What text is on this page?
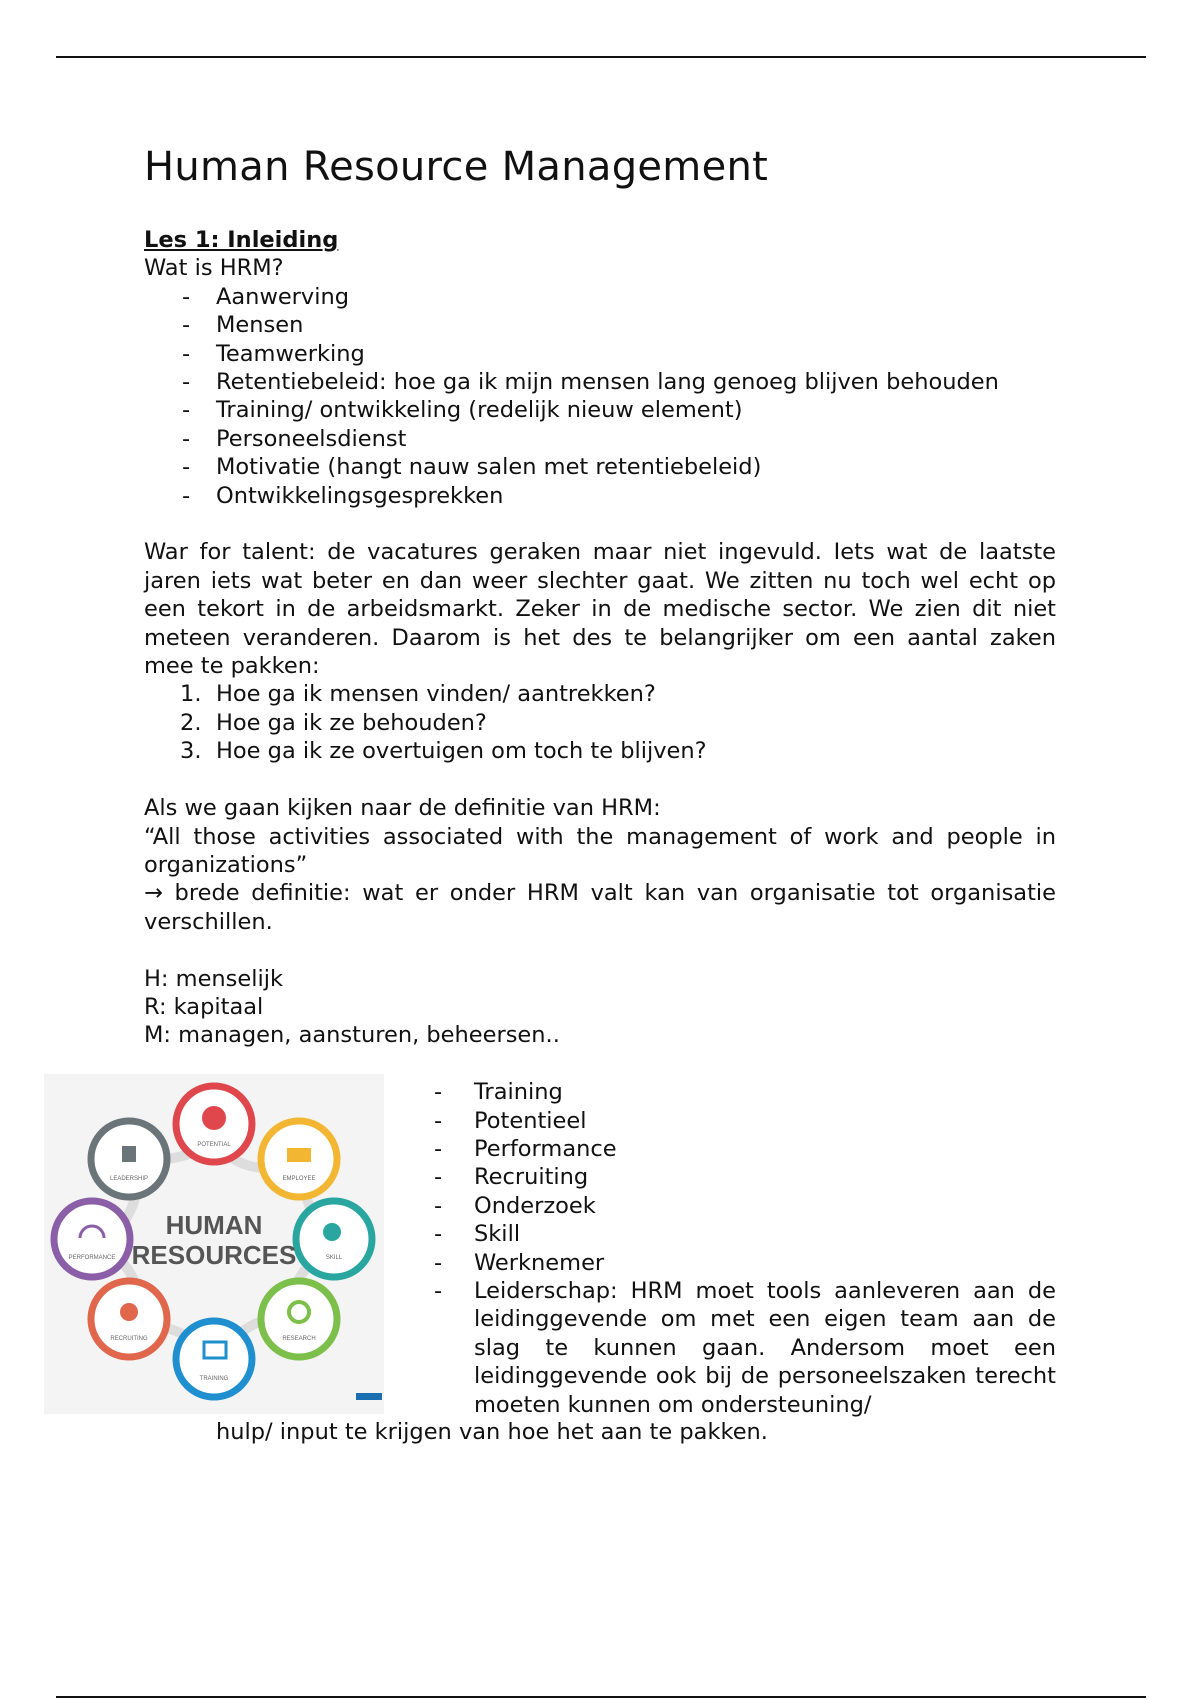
Human Resource Management
Les 1: Inleiding
Wat is HRM?
- Aanwerving
- Mensen
- Teamwerking
- Retentiebeleid: hoe ga ik mijn mensen lang genoeg blijven behouden
- Training/ ontwikkeling (redelijk nieuw element)
- Personeelsdienst
- Motivatie (hangt nauw salen met retentiebeleid)
- Ontwikkelingsgesprekken
War for talent: de vacatures geraken maar niet ingevuld. Iets wat de laatste jaren iets wat beter en dan weer slechter gaat. We zitten nu toch wel echt op een tekort in de arbeidsmarkt. Zeker in de medische sector. We zien dit niet meteen veranderen. Daarom is het des te belangrijker om een aantal zaken mee te pakken:
1. Hoe ga ik mensen vinden/ aantrekken?
2. Hoe ga ik ze behouden?
3. Hoe ga ik ze overtuigen om toch te blijven?
Als we gaan kijken naar de definitie van HRM:
“All those activities associated with the management of work and people in organizations”
→ brede definitie: wat er onder HRM valt kan van organisatie tot organisatie verschillen.
H: menselijk
R: kapitaal
M: managen, aansturen, beheersen..
POTENTIAL
EMPLOYEE
SKILL
RESEARCH
TRAINING
RECRUITING
PERFORMANCE
LEADERSHIP
HUMAN
RESOURCES
- Training
- Potentieel
- Performance
- Recruiting
- Onderzoek
- Skill
- Werknemer
- Leiderschap: HRM moet tools aanleveren aan de leidinggevende om met een eigen team aan de slag te kunnen gaan. Andersom moet een leidinggevende ook bij de personeelszaken terecht moeten kunnen om ondersteuning/
hulp/ input te krijgen van hoe het aan te pakken.
